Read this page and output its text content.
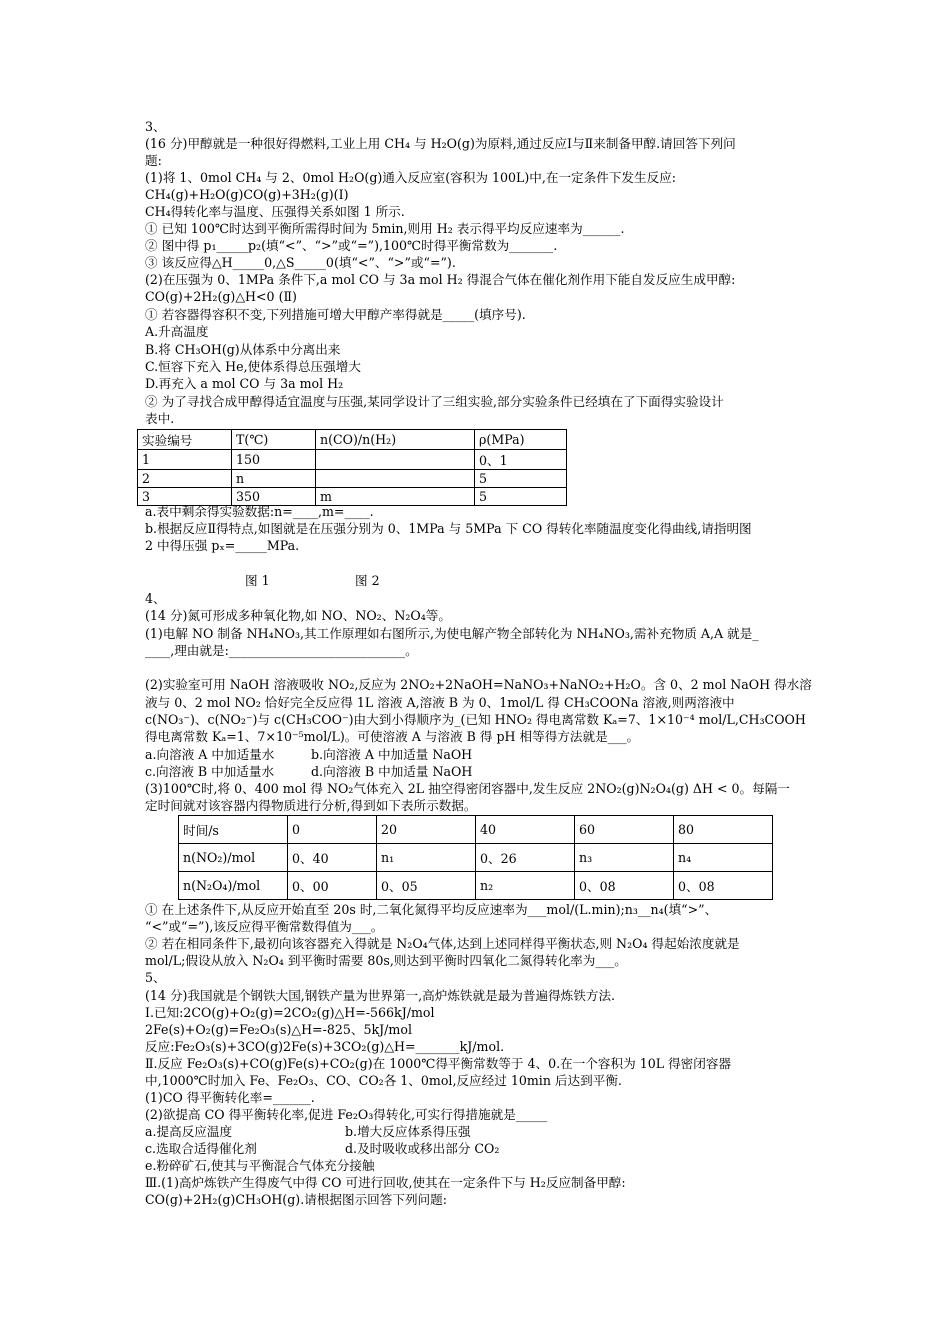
3、
(16 分)甲醇就是一种很好得燃料,工业上用 CH₄ 与 H₂O(g)为原料,通过反应Ⅰ与Ⅱ来制备甲醇.请回答下列问
题:
(1)将 1、0mol CH₄ 与 2、0mol H₂O(g)通入反应室(容积为 100L)中,在一定条件下发生反应:
CH₄(g)+H₂O(g)CO(g)+3H₂(g)(Ⅰ)
CH₄得转化率与温度、压强得关系如图 1 所示.
① 已知 100℃时达到平衡所需得时间为 5min,则用 H₂ 表示得平均反应速率为______.
② 图中得 p₁_____p₂(填“<”、“>”或“=”),100℃时得平衡常数为_______.
③ 该反应得△H_____0,△S_____0(填“<”、“>”或“=”).
(2)在压强为 0、1MPa 条件下,a mol CO 与 3a mol H₂ 得混合气体在催化剂作用下能自发反应生成甲醇:
CO(g)+2H₂(g)△H<0 (Ⅱ)
① 若容器得容积不变,下列措施可增大甲醇产率得就是_____(填序号).
A.升高温度
B.将 CH₃OH(g)从体系中分离出来
C.恒容下充入 He,使体系得总压强增大
D.再充入 a mol CO 与 3a mol H₂
② 为了寻找合成甲醇得适宜温度与压强,某同学设计了三组实验,部分实验条件已经填在了下面得实验设计
表中.
实验编号	T(℃)	n(CO)/n(H₂)	ρ(MPa)
1	150		0、1
2	n		5
3	350	m	5
a.表中剩余得实验数据:n=____,m=____.
b.根据反应Ⅱ得特点,如图就是在压强分别为 0、1MPa 与 5MPa 下 CO 得转化率随温度变化得曲线,请指明图
2 中得压强 pₓ=_____MPa.
图 1	图 2
4、
(14 分)氮可形成多种氧化物,如 NO、NO₂、N₂O₄等。
(1)电解 NO 制备 NH₄NO₃,其工作原理如右图所示,为使电解产物全部转化为 NH₄NO₃,需补充物质 A,A 就是_
____,理由就是:____________________________。
(2)实验室可用 NaOH 溶液吸收 NO₂,反应为 2NO₂+2NaOH=NaNO₃+NaNO₂+H₂O。含 0、2 mol NaOH 得水溶
液与 0、2 mol NO₂ 恰好完全反应得 1L 溶液 A,溶液 B 为 0、1mol/L 得 CH₃COONa 溶液,则两溶液中
c(NO₃⁻)、c(NO₂⁻)与 c(CH₃COO⁻)由大到小得顺序为_(已知 HNO₂ 得电离常数 Kₐ=7、1×10⁻⁴ mol/L,CH₃COOH
得电离常数 Kₐ=1、7×10⁻⁵mol/L)。可使溶液 A 与溶液 B 得 pH 相等得方法就是___。
a.向溶液 A 中加适量水	b.向溶液 A 中加适量 NaOH
c.向溶液 B 中加适量水	d.向溶液 B 中加适量 NaOH
(3)100℃时,将 0、400 mol 得 NO₂气体充入 2L 抽空得密闭容器中,发生反应 2NO₂(g)N₂O₄(g) ΔH < 0。每隔一
定时间就对该容器内得物质进行分析,得到如下表所示数据。
时间/s	0	20	40	60	80
n(NO₂)/mol	0、40	n₁	0、26	n₃	n₄
n(N₂O₄)/mol	0、00	0、05	n₂	0、08	0、08
① 在上述条件下,从反应开始直至 20s 时,二氧化氮得平均反应速率为___mol/(L.min);n₃__n₄(填“>”、
“<”或“=”),该反应得平衡常数得值为___。
② 若在相同条件下,最初向该容器充入得就是 N₂O₄气体,达到上述同样得平衡状态,则 N₂O₄ 得起始浓度就是
mol/L;假设从放入 N₂O₄ 到平衡时需要 80s,则达到平衡时四氧化二氮得转化率为___。
5、
(14 分)我国就是个钢铁大国,钢铁产量为世界第一,高炉炼铁就是最为普遍得炼铁方法.
Ⅰ.已知:2CO(g)+O₂(g)=2CO₂(g)△H=-566kJ/mol
2Fe(s)+O₂(g)=Fe₂O₃(s)△H=-825、5kJ/mol
反应:Fe₂O₃(s)+3CO(g)2Fe(s)+3CO₂(g)△H=_______kJ/mol.
Ⅱ.反应 Fe₂O₃(s)+CO(g)Fe(s)+CO₂(g)在 1000℃得平衡常数等于 4、0.在一个容积为 10L 得密闭容器
中,1000℃时加入 Fe、Fe₂O₃、CO、CO₂各 1、0mol,反应经过 10min 后达到平衡.
(1)CO 得平衡转化率=______.
(2)欲提高 CO 得平衡转化率,促进 Fe₂O₃得转化,可实行得措施就是_____
a.提高反应温度	b.增大反应体系得压强
c.选取合适得催化剂	d.及时吸收或移出部分 CO₂
e.粉碎矿石,使其与平衡混合气体充分接触
Ⅲ.(1)高炉炼铁产生得废气中得 CO 可进行回收,使其在一定条件下与 H₂反应制备甲醇:
CO(g)+2H₂(g)CH₃OH(g).请根据图示回答下列问题:
